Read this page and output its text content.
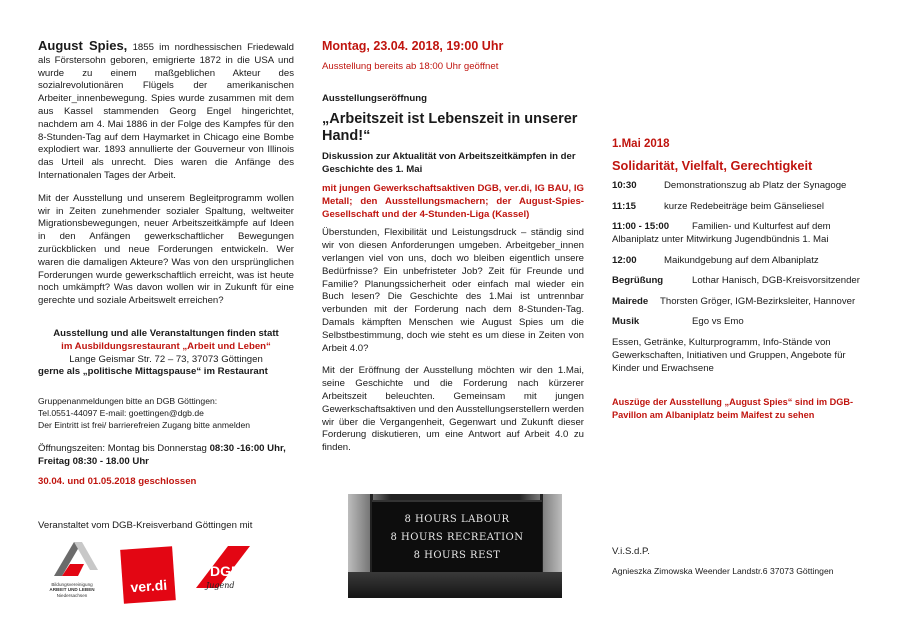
August Spies, 1855 im nordhessischen Friedewald als Förstersohn geboren, emigrierte 1872 in die USA und wurde zu einem maßgeblichen Akteur des sozialrevolutionären Flügels der amerikanischen Arbeiter_innenbewegung. Spies wurde zusammen mit dem aus Kassel stammenden Georg Engel hingerichtet, nachdem am 4. Mai 1886 in der Folge des Kampfes für den 8-Stunden-Tag auf dem Haymarket in Chicago eine Bombe explodiert war. 1893 annullierte der Gouverneur von Illinois das Urteil als unrecht. Dies waren die Anfänge des Internationalen Tages der Arbeit.

Mit der Ausstellung und unserem Begleitprogramm wollen wir in Zeiten zunehmender sozialer Spaltung, weltweiter Migrationsbewegungen, neuer Arbeitszeitkämpfe auf Ideen in den Anfängen gewerkschaftlicher Bewegungen zurückblicken und neue Forderungen entwickeln. Wer waren die damaligen Akteure? Was von den ursprünglichen Forderungen wurde gewerkschaftlich erreicht, was ist heute noch umkämpft? Was davon wollen wir in Zukunft für eine gerechte und soziale Arbeitswelt erreichen?

Ausstellung und alle Veranstaltungen finden statt

im Ausbildungsrestaurant „Arbeit und Leben“

Lange Geismar Str. 72 – 73, 37073 Göttingen

gerne als „politische Mittagspause“ im Restaurant

Gruppenanmeldungen bitte an DGB Göttingen:

Tel.0551-44097 E-mail: goettingen@dgb.de

Der Eintritt ist frei/ barrierefreien Zugang bitte anmelden

Öffnungszeiten: Montag bis Donnerstag 08:30 -16:00 Uhr,

Freitag 08:30 - 18.00 Uhr

30.04. und 01.05.2018 geschlossen

Veranstaltet vom DGB-Kreisverband Göttingen mit
Bildungsvereinigung
ARBEIT UND LEBEN
Niedersachsen
ver.di
DGB
Jugend

Montag, 23.04. 2018, 19:00 Uhr

Ausstellung bereits ab 18:00 Uhr geöffnet

Ausstellungseröffnung

„Arbeitszeit ist Lebenszeit in unserer Hand!“

Diskussion zur Aktualität von Arbeitszeitkämpfen in der Geschichte des 1. Mai

mit jungen Gewerkschaftsaktiven DGB, ver.di, IG BAU, IG Metall; den Ausstellungsmachern; der August-Spies-Gesellschaft und der 4-Stunden-Liga (Kassel)

Überstunden, Flexibilität und Leistungsdruck – ständig sind wir von diesen Anforderungen umgeben. Arbeitgeber_innen verlangen viel von uns, doch wo bleiben eigentlich unsere Bedürfnisse? Ein unbefristeter Job? Zeit für Freunde und Familie? Planungssicherheit oder einfach mal wieder ein Buch lesen? Die Geschichte des 1.Mai ist untrennbar verbunden mit der Forderung nach dem 8-Stunden-Tag. Damals kämpften Menschen wie August Spies um die Selbstbestimmung, doch wie steht es um diese in Zeiten von Arbeit 4.0?

Mit der Eröffnung der Ausstellung möchten wir den 1.Mai, seine Geschichte und die Forderung nach kürzerer Arbeitszeit beleuchten. Gemeinsam mit jungen Gewerkschaftsaktiven und den Ausstellungserstellern werden wir über die Vergangenheit, Gegenwart und Zukunft dieser Forderung diskutieren, um eine Antwort auf Arbeit 4.0 zu finden.

8 HOURS LABOUR
8 HOURS RECREATION
8 HOURS REST
1.Mai 2018
Solidarität, Vielfalt, Gerechtigkeit
10:30	Demonstrationszug ab Platz der Synagoge
11:15	kurze Redebeiträge beim Gänseliesel
11:00 - 15:00 Familien- und Kulturfest auf dem Albaniplatz unter Mitwirkung Jugendbündnis 1. Mai
12:00	Maikundgebung auf dem Albaniplatz
Begrüßung	Lothar Hanisch, DGB-Kreisvorsitzender
Mairede Thorsten Gröger, IGM-Bezirksleiter, Hannover
Musik	Ego vs Emo

Essen, Getränke, Kulturprogramm, Info-Stände von Gewerkschaften, Initiativen und Gruppen, Angebote für Kinder und Erwachsene

Auszüge der Ausstellung „August Spies“ sind im DGB-Pavillon am Albaniplatz beim Maifest zu sehen
V.i.S.d.P.
Agnieszka Zimowska Weender Landstr.6 37073 Göttingen
